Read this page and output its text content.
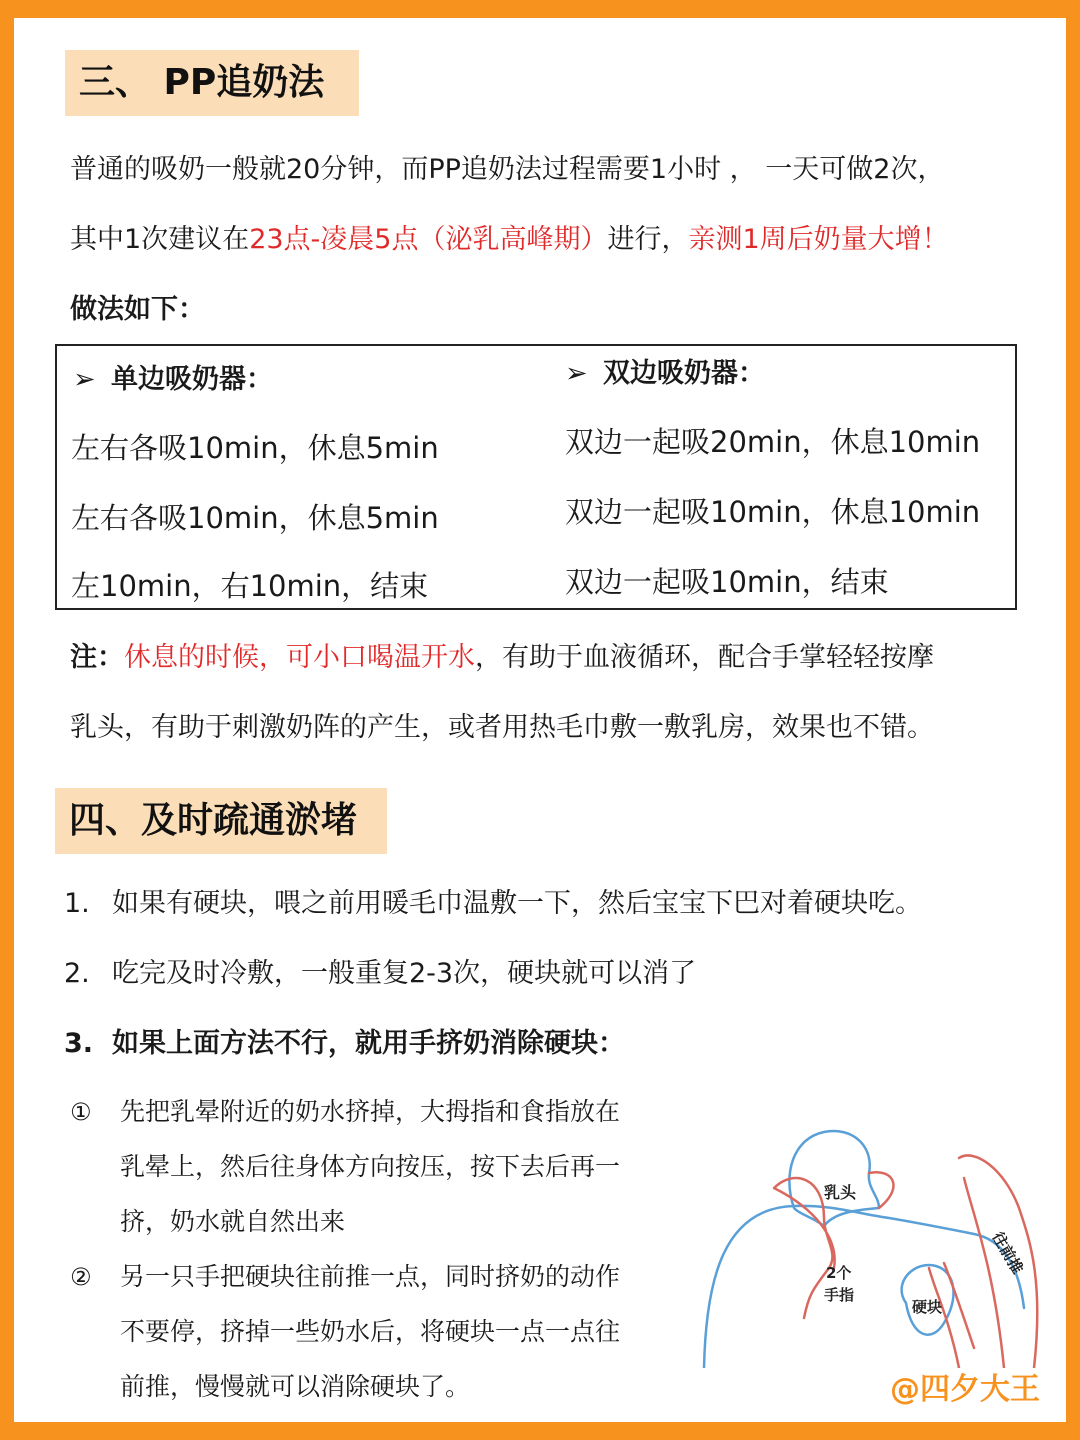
三、 PP追奶法
普通的吸奶一般就20分钟，而PP追奶法过程需要1小时 ， 一天可做2次，
其中1次建议在23点-凌晨5点（泌乳高峰期）进行，亲测1周后奶量大增！
做法如下：
➢ 单边吸奶器：	➢ 双边吸奶器：
左右各吸10min，休息5min
左右各吸10min，休息5min
左10min，右10min，结束
双边一起吸20min，休息10min
双边一起吸10min，休息10min
双边一起吸10min，结束
注：休息的时候，可小口喝温开水，有助于血液循环，配合手掌轻轻按摩
乳头，有助于刺激奶阵的产生，或者用热毛巾敷一敷乳房，效果也不错。
四、及时疏通淤堵
1. 如果有硬块，喂之前用暖毛巾温敷一下，然后宝宝下巴对着硬块吃。
2. 吃完及时冷敷，一般重复2-3次，硬块就可以消了
3. 如果上面方法不行，就用手挤奶消除硬块：
① 先把乳晕附近的奶水挤掉，大拇指和食指放在
乳晕上，然后往身体方向按压，按下去后再一
挤，奶水就自然出来
② 另一只手把硬块往前推一点，同时挤奶的动作
不要停，挤掉一些奶水后，将硬块一点一点往
前推，慢慢就可以消除硬块了。
乳头
2个
手指
硬块
往前推
@四夕大王
